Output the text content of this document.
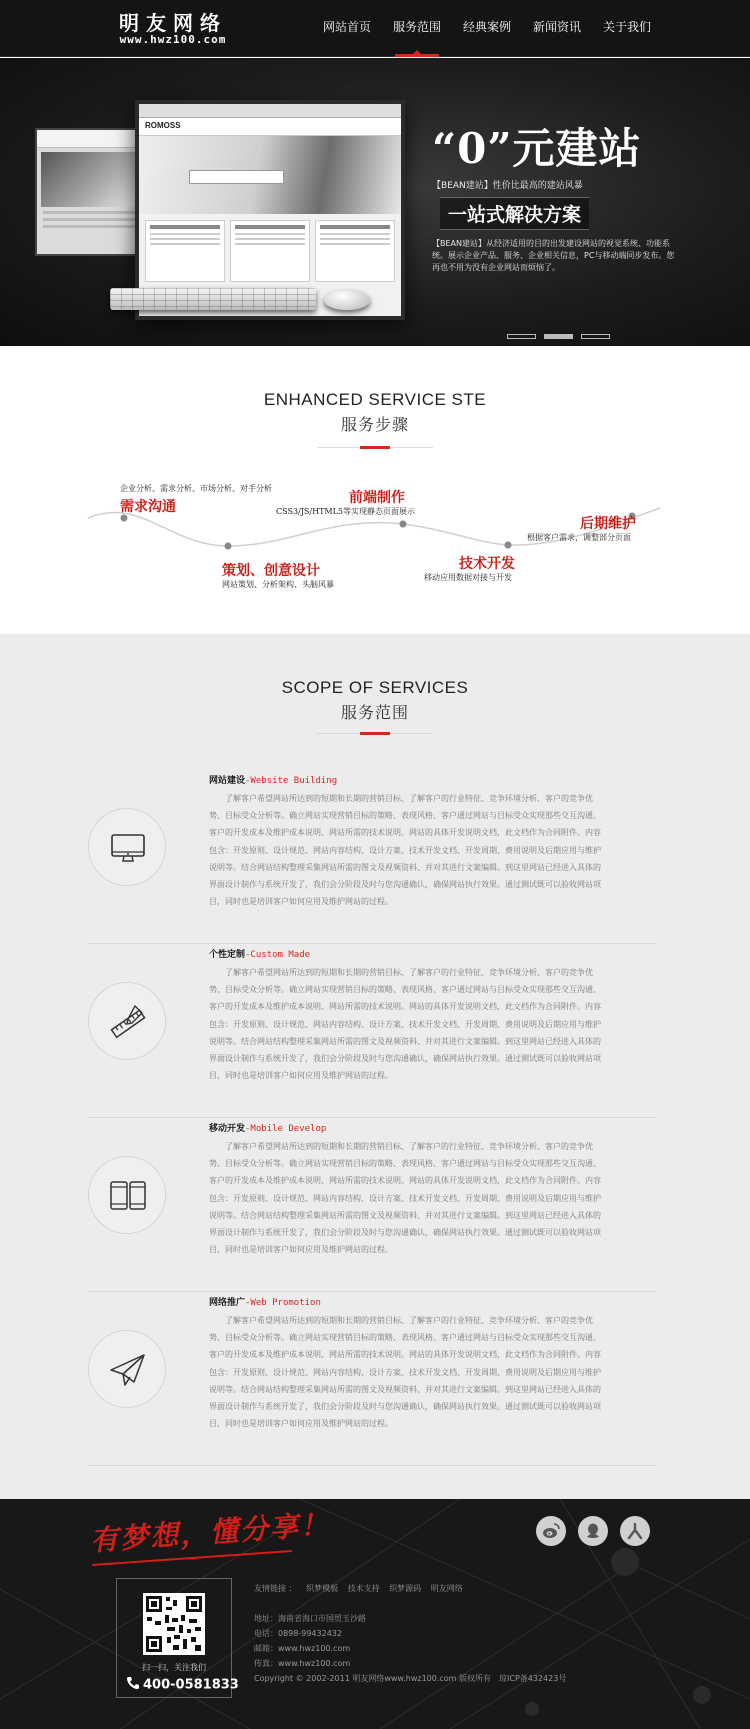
明友网络
www.hwz100.com
网站首页	服务范围	经典案例	新闻资讯	关于我们
ROMOSS	“0”元建站
【BEAN建站】性价比最高的建站风暴
一站式解决方案
【BEAN建站】从经济适用的目的出发建设网站的视觉系统、功能系统。展示企业产品、服务、企业相关信息，PC与移动端同步发布。您再也不用为没有企业网站而烦恼了。
ENHANCED SERVICE STE
服务步骤
企业分析、需求分析、市场分析、对手分析
需求沟通
策划、创意设计
网站策划、分析架构、头脑风暴
前端制作
CSS3/JS/HTML5等实现静态页面展示
技术开发
移动应用数据对接与开发
后期维护
根据客户需求，调整部分页面
SCOPE OF SERVICES
服务范围
网站建设-Website Building
了解客户希望网站所达到的短期和长期的营销目标、了解客户的行业特征、竞争环境分析、客户的竞争优势、目标受众分析等。确立网站实现营销目标的策略、表现风格、客户通过网站与目标受众实现那些交互沟通、客户的开发成本及维护成本说明、网站所需的技术说明。网站的具体开发说明文档，此文档作为合同附件。内容包含：开发原则、设计规范、网站内容结构、设计方案、技术开发文档、开发周期、费用说明及后期应用与维护说明等。结合网站结构整理采集网站所需的图文及视频资料、并对其进行文案编辑。到这里网站已经进入具体的界面设计制作与系统开发了，我们会分阶段及时与您沟通确认，确保网站执行效果。通过测试既可以验收网站项目，同时也是培训客户如何应用及维护网站的过程。
个性定制-Custom Made
了解客户希望网站所达到的短期和长期的营销目标、了解客户的行业特征、竞争环境分析、客户的竞争优势、目标受众分析等。确立网站实现营销目标的策略、表现风格、客户通过网站与目标受众实现那些交互沟通、客户的开发成本及维护成本说明、网站所需的技术说明。网站的具体开发说明文档，此文档作为合同附件。内容包含：开发原则、设计规范、网站内容结构、设计方案、技术开发文档、开发周期、费用说明及后期应用与维护说明等。结合网站结构整理采集网站所需的图文及视频资料、并对其进行文案编辑。到这里网站已经进入具体的界面设计制作与系统开发了，我们会分阶段及时与您沟通确认，确保网站执行效果。通过测试既可以验收网站项目，同时也是培训客户如何应用及维护网站的过程。
移动开发-Mobile Develop
了解客户希望网站所达到的短期和长期的营销目标、了解客户的行业特征、竞争环境分析、客户的竞争优势、目标受众分析等。确立网站实现营销目标的策略、表现风格、客户通过网站与目标受众实现那些交互沟通、客户的开发成本及维护成本说明、网站所需的技术说明。网站的具体开发说明文档，此文档作为合同附件。内容包含：开发原则、设计规范、网站内容结构、设计方案、技术开发文档、开发周期、费用说明及后期应用与维护说明等。结合网站结构整理采集网站所需的图文及视频资料、并对其进行文案编辑。到这里网站已经进入具体的界面设计制作与系统开发了，我们会分阶段及时与您沟通确认，确保网站执行效果。通过测试既可以验收网站项目，同时也是培训客户如何应用及维护网站的过程。
网络推广-Web Promotion
了解客户希望网站所达到的短期和长期的营销目标、了解客户的行业特征、竞争环境分析、客户的竞争优势、目标受众分析等。确立网站实现营销目标的策略、表现风格、客户通过网站与目标受众实现那些交互沟通、客户的开发成本及维护成本说明、网站所需的技术说明。网站的具体开发说明文档，此文档作为合同附件。内容包含：开发原则、设计规范、网站内容结构、设计方案、技术开发文档、开发周期、费用说明及后期应用与维护说明等。结合网站结构整理采集网站所需的图文及视频资料、并对其进行文案编辑。到这里网站已经进入具体的界面设计制作与系统开发了，我们会分阶段及时与您沟通确认，确保网站执行效果。通过测试既可以验收网站项目，同时也是培训客户如何应用及维护网站的过程。
有梦想，懂分享！
扫一扫，关注我们
400-0581833
友情链接 ： 织梦模板 技术支持 织梦源码 明友网络
地址：海南省海口市国贸玉沙路
电话：0898-99432432
邮箱：www.hwz100.com
传真：www.hwz100.com
Copyright © 2002-2011 明友网络www.hwz100.com 版权所有　琼ICP备432423号
